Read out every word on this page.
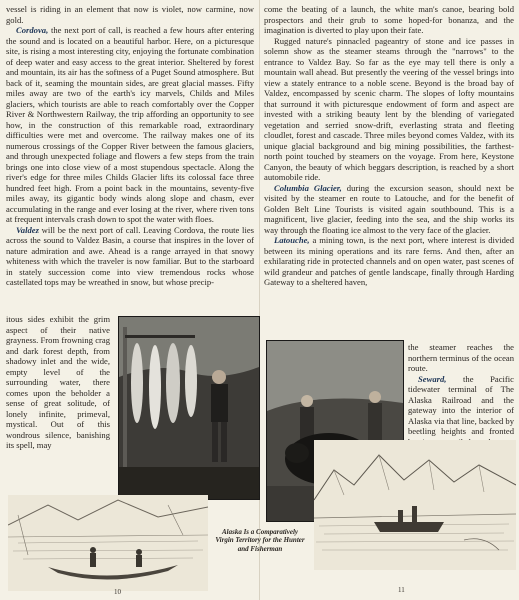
vessel is riding in an element that now is violet, now carmine, now gold.

Cordova, the next port of call, is reached a few hours after entering the sound and is located on a beautiful harbor. Here, on a picturesque site, is rising a most interesting city, enjoying the fortunate combination of deep water and easy access to the great interior. Sheltered by forest and mountain, its air has the softness of a Puget Sound atmosphere. But back of it, seaming the mountain sides, are great glacial masses. Fifty miles away are two of the earth's icy marvels, Childs and Miles glaciers, which tourists are able to reach comfortably over the Copper River & Northwestern Railway, the trip affording an opportunity to see how, in the construction of this remarkable road, extraordinary difficulties were met and overcome. The railway makes one of its numerous crossings of the Copper River between the famous glaciers, and through unexpected foliage and flowers a few steps from the train brings one into close view of a most stupendous spectacle. Along the river's edge for three miles Childs Glacier lifts its colossal face three hundred feet high. From a point back in the mountains, seventy-five miles away, its gigantic body winds along slope and chasm, ever accumulating in the range and ever losing at the river, where riven tons at frequent intervals crash down to spot the water with floes.

Valdez will be the next port of call. Leaving Cordova, the route lies across the sound to Valdez Basin, a course that inspires in the lover of nature admiration and awe. Ahead is a range arrayed in that snowy whiteness with which the traveler is now familiar. But to the starboard in stately succession come into view tremendous rocks whose castellated tops may be wreathed in snow, but whose precip-

itous sides exhibit the grim aspect of their native grayness. From frowning crag and dark forest depth, from shadowy inlet and the wide, empty level of the surrounding water, there comes upon the beholder a sense of great solitude, of lonely infinite, primeval, mystical. Out of this wondrous silence, banishing its spell, may

come the beating of a launch, the white man's canoe, bearing bold prospectors and their grub to some hoped-for bonanza, and the imagination is diverted to play upon their fate.

Rugged nature's pinnacled pageantry of stone and ice passes in solemn show as the steamer steams through the "narrows" to the entrance to Valdez Bay. So far as the eye may tell there is only a mountain wall ahead. But presently the veering of the vessel brings into view a stately entrance to a noble scene. Beyond is the broad bay of Valdez, encompassed by scenic charm. The slopes of lofty mountains that surround it with picturesque endowment of form and aspect are invested with a striking beauty lent by the blending of variegated vegetation and serried snow-drift, everlasting strata and fleeting cloudlet, forest and cascade. Three miles beyond comes Valdez, with its unique glacial background and big mining possibilities, the farthest-north point touched by steamers on the voyage. From here, Keystone Canyon, the beauty of which beggars description, is reached by a short automobile ride.

Columbia Glacier, during the excursion season, should next be visited by the steamer en route to Latouche, and for the benefit of Golden Belt Line Tourists is visited again southbound. This is a magnificent, live glacier, feeding into the sea, and the ship works its way through the floating ice almost to the very face of the glacier.

Latouche, a mining town, is the next port, where interest is divided between its mining operations and its rare ferns. And then, after an exhilarating ride in protected channels and on open water, past scenes of wild grandeur and patches of gentle landscape, finally through Harding Gateway to a sheltered haven,

the steamer reaches the northern terminus of the ocean route.

Seward, the Pacific tidewater terminal of The Alaska Railroad and the gateway into the interior of Alaska via that line, backed by beetling heights and fronted

Alaska Is a Comparatively Virgin Territory for the Hunter and Fisherman
10	11
